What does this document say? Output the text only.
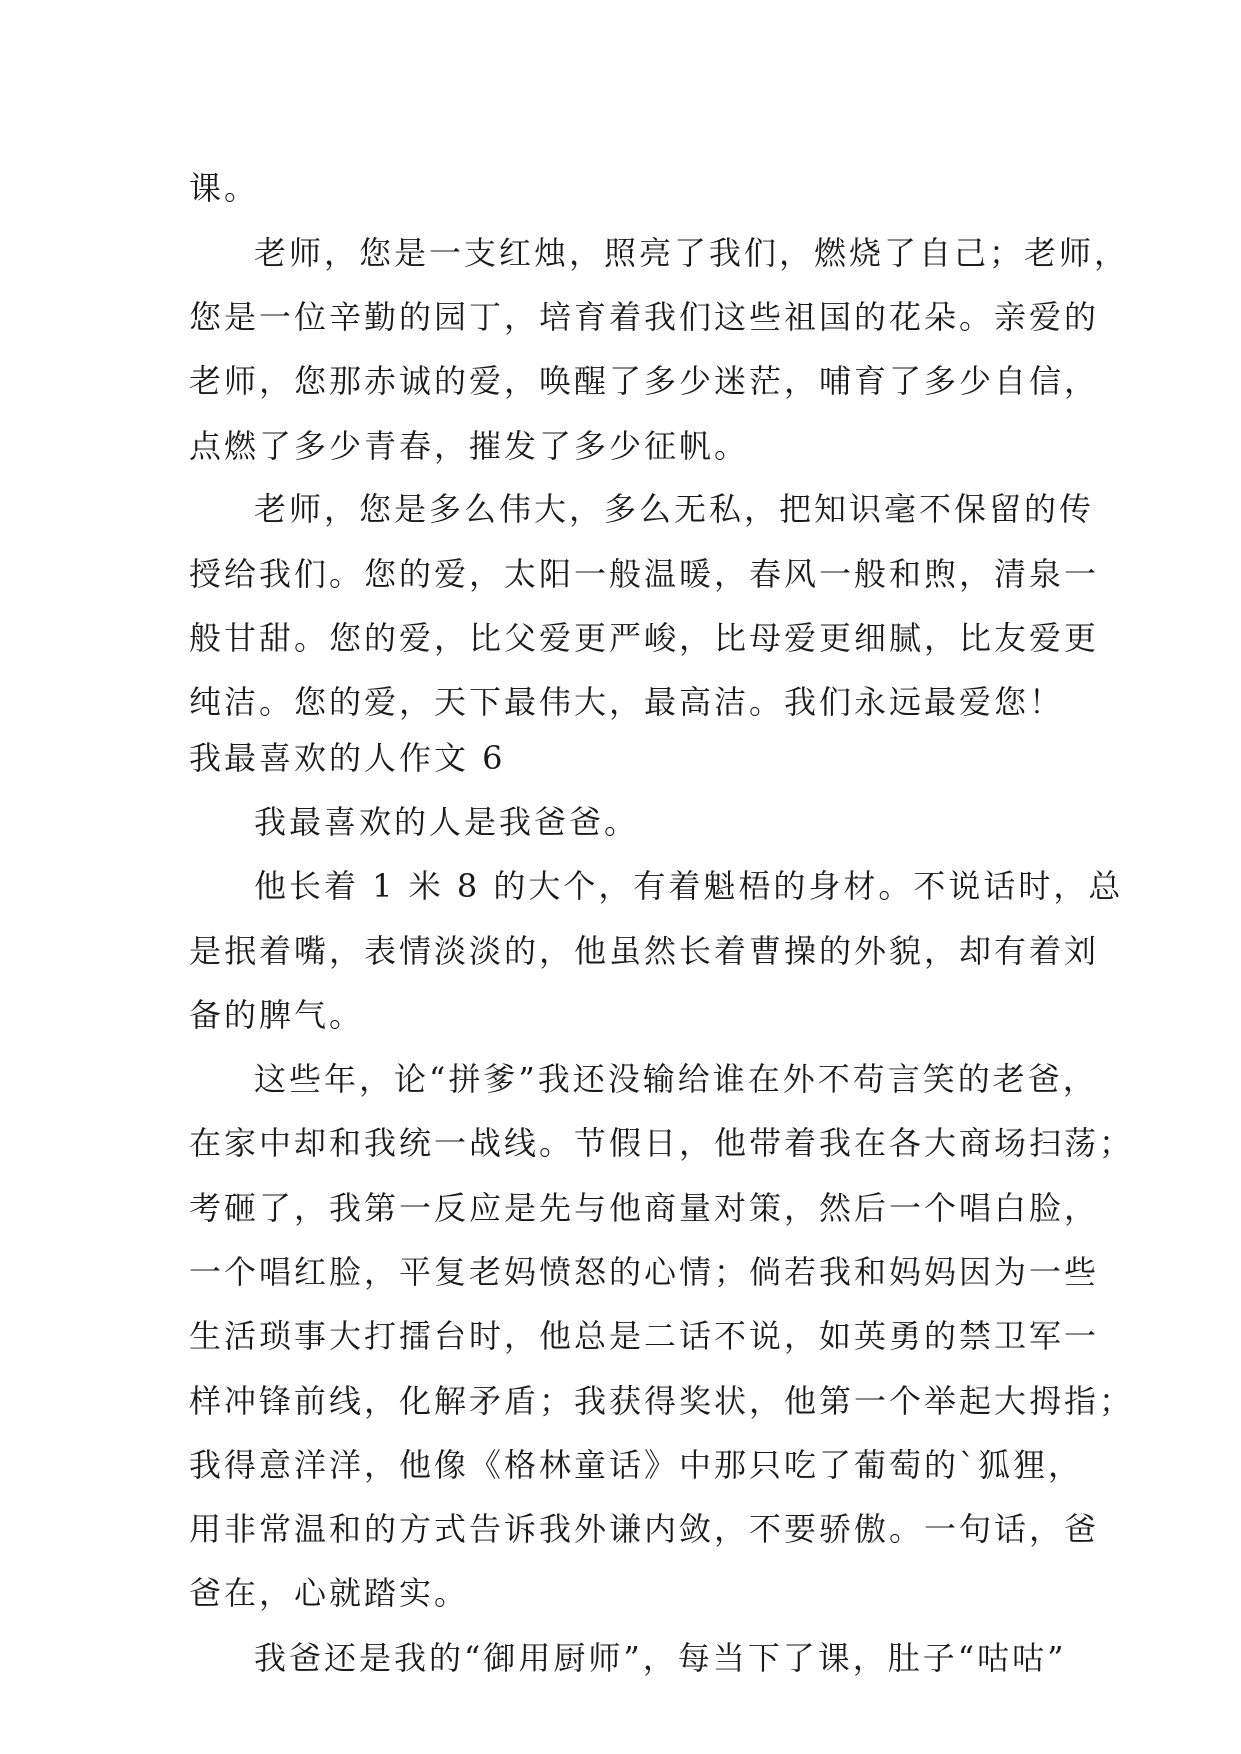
课。
老师，您是一支红烛，照亮了我们，燃烧了自己；老师，
您是一位辛勤的园丁，培育着我们这些祖国的花朵。亲爱的
老师，您那赤诚的爱，唤醒了多少迷茫，哺育了多少自信，
点燃了多少青春，摧发了多少征帆。
老师，您是多么伟大，多么无私，把知识毫不保留的传
授给我们。您的爱，太阳一般温暖，春风一般和煦，清泉一
般甘甜。您的爱，比父爱更严峻，比母爱更细腻，比友爱更
纯洁。您的爱，天下最伟大，最高洁。我们永远最爱您！
我最喜欢的人作文 6
我最喜欢的人是我爸爸。
他长着 1 米 8 的大个，有着魁梧的身材。不说话时，总
是抿着嘴，表情淡淡的，他虽然长着曹操的外貌，却有着刘
备的脾气。
这些年，论“拼爹”我还没输给谁在外不苟言笑的老爸，
在家中却和我统一战线。节假日，他带着我在各大商场扫荡；
考砸了，我第一反应是先与他商量对策，然后一个唱白脸，
一个唱红脸，平复老妈愤怒的心情；倘若我和妈妈因为一些
生活琐事大打擂台时，他总是二话不说，如英勇的禁卫军一
样冲锋前线，化解矛盾；我获得奖状，他第一个举起大拇指；
我得意洋洋，他像《格林童话》中那只吃了葡萄的`狐狸，
用非常温和的方式告诉我外谦内敛，不要骄傲。一句话，爸
爸在，心就踏实。
我爸还是我的“御用厨师”，每当下了课，肚子“咕咕”
